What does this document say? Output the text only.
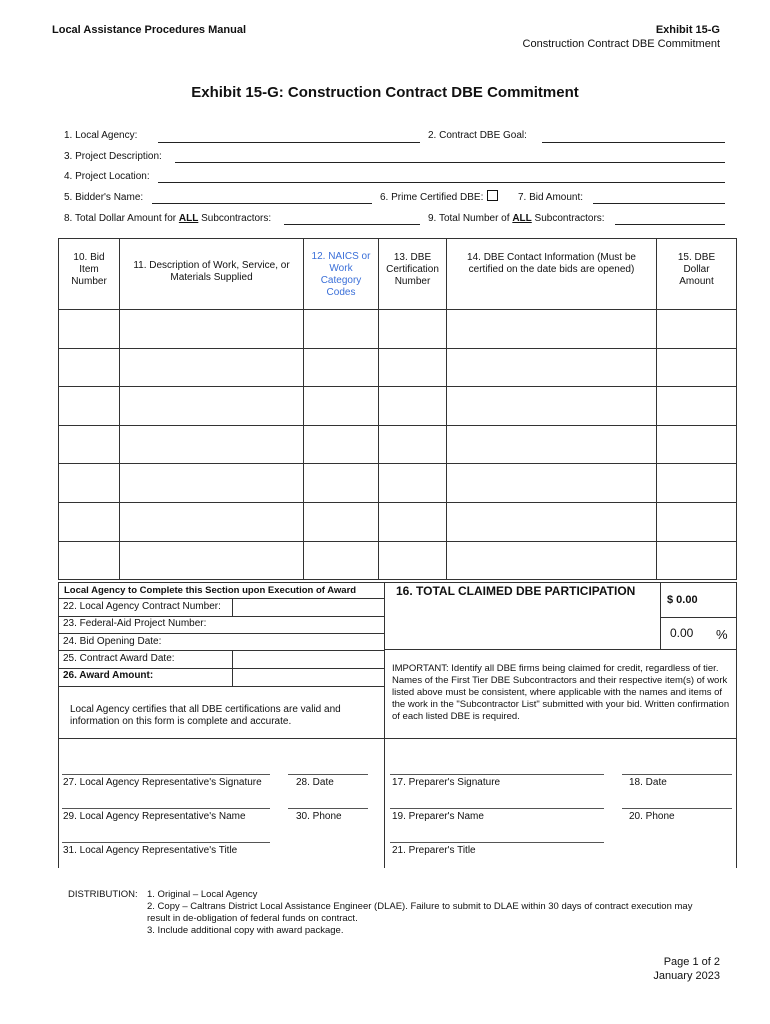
Local Assistance Procedures Manual	Exhibit 15-G
Construction Contract DBE Commitment
Exhibit 15-G: Construction Contract DBE Commitment
1. Local Agency:	2. Contract DBE Goal:
3. Project Description:
4. Project Location:
5. Bidder's Name:	6. Prime Certified DBE:	7. Bid Amount:
8. Total Dollar Amount for ALL Subcontractors:	9. Total Number of ALL Subcontractors:
10. Bid Item Number	11. Description of Work, Service, or Materials Supplied	12. NAICS or Work Category Codes	13. DBE Certification Number	14. DBE Contact Information (Must be certified on the date bids are opened)	15. DBE Dollar Amount

Local Agency to Complete this Section upon Execution of Award
22. Local Agency Contract Number:
23. Federal-Aid Project Number:
24. Bid Opening Date:
25. Contract Award Date:
26. Award Amount:
Local Agency certifies that all DBE certifications are valid and information on this form is complete and accurate.
16. TOTAL CLAIMED DBE PARTICIPATION
$ 0.00
0.00 %
IMPORTANT: Identify all DBE firms being claimed for credit, regardless of tier. Names of the First Tier DBE Subcontractors and their respective item(s) of work listed above must be consistent, where applicable with the names and items of the work in the "Subcontractor List" submitted with your bid. Written confirmation of each listed DBE is required.
27. Local Agency Representative's Signature	28. Date
29. Local Agency Representative's Name	30. Phone
31. Local Agency Representative's Title
17. Preparer's Signature	18. Date
19. Preparer's Name	20. Phone
21. Preparer's Title
DISTRIBUTION: 1. Original – Local Agency
2. Copy – Caltrans District Local Assistance Engineer (DLAE). Failure to submit to DLAE within 30 days of contract execution may result in de-obligation of federal funds on contract.
3. Include additional copy with award package.
Page 1 of 2
January 2023
